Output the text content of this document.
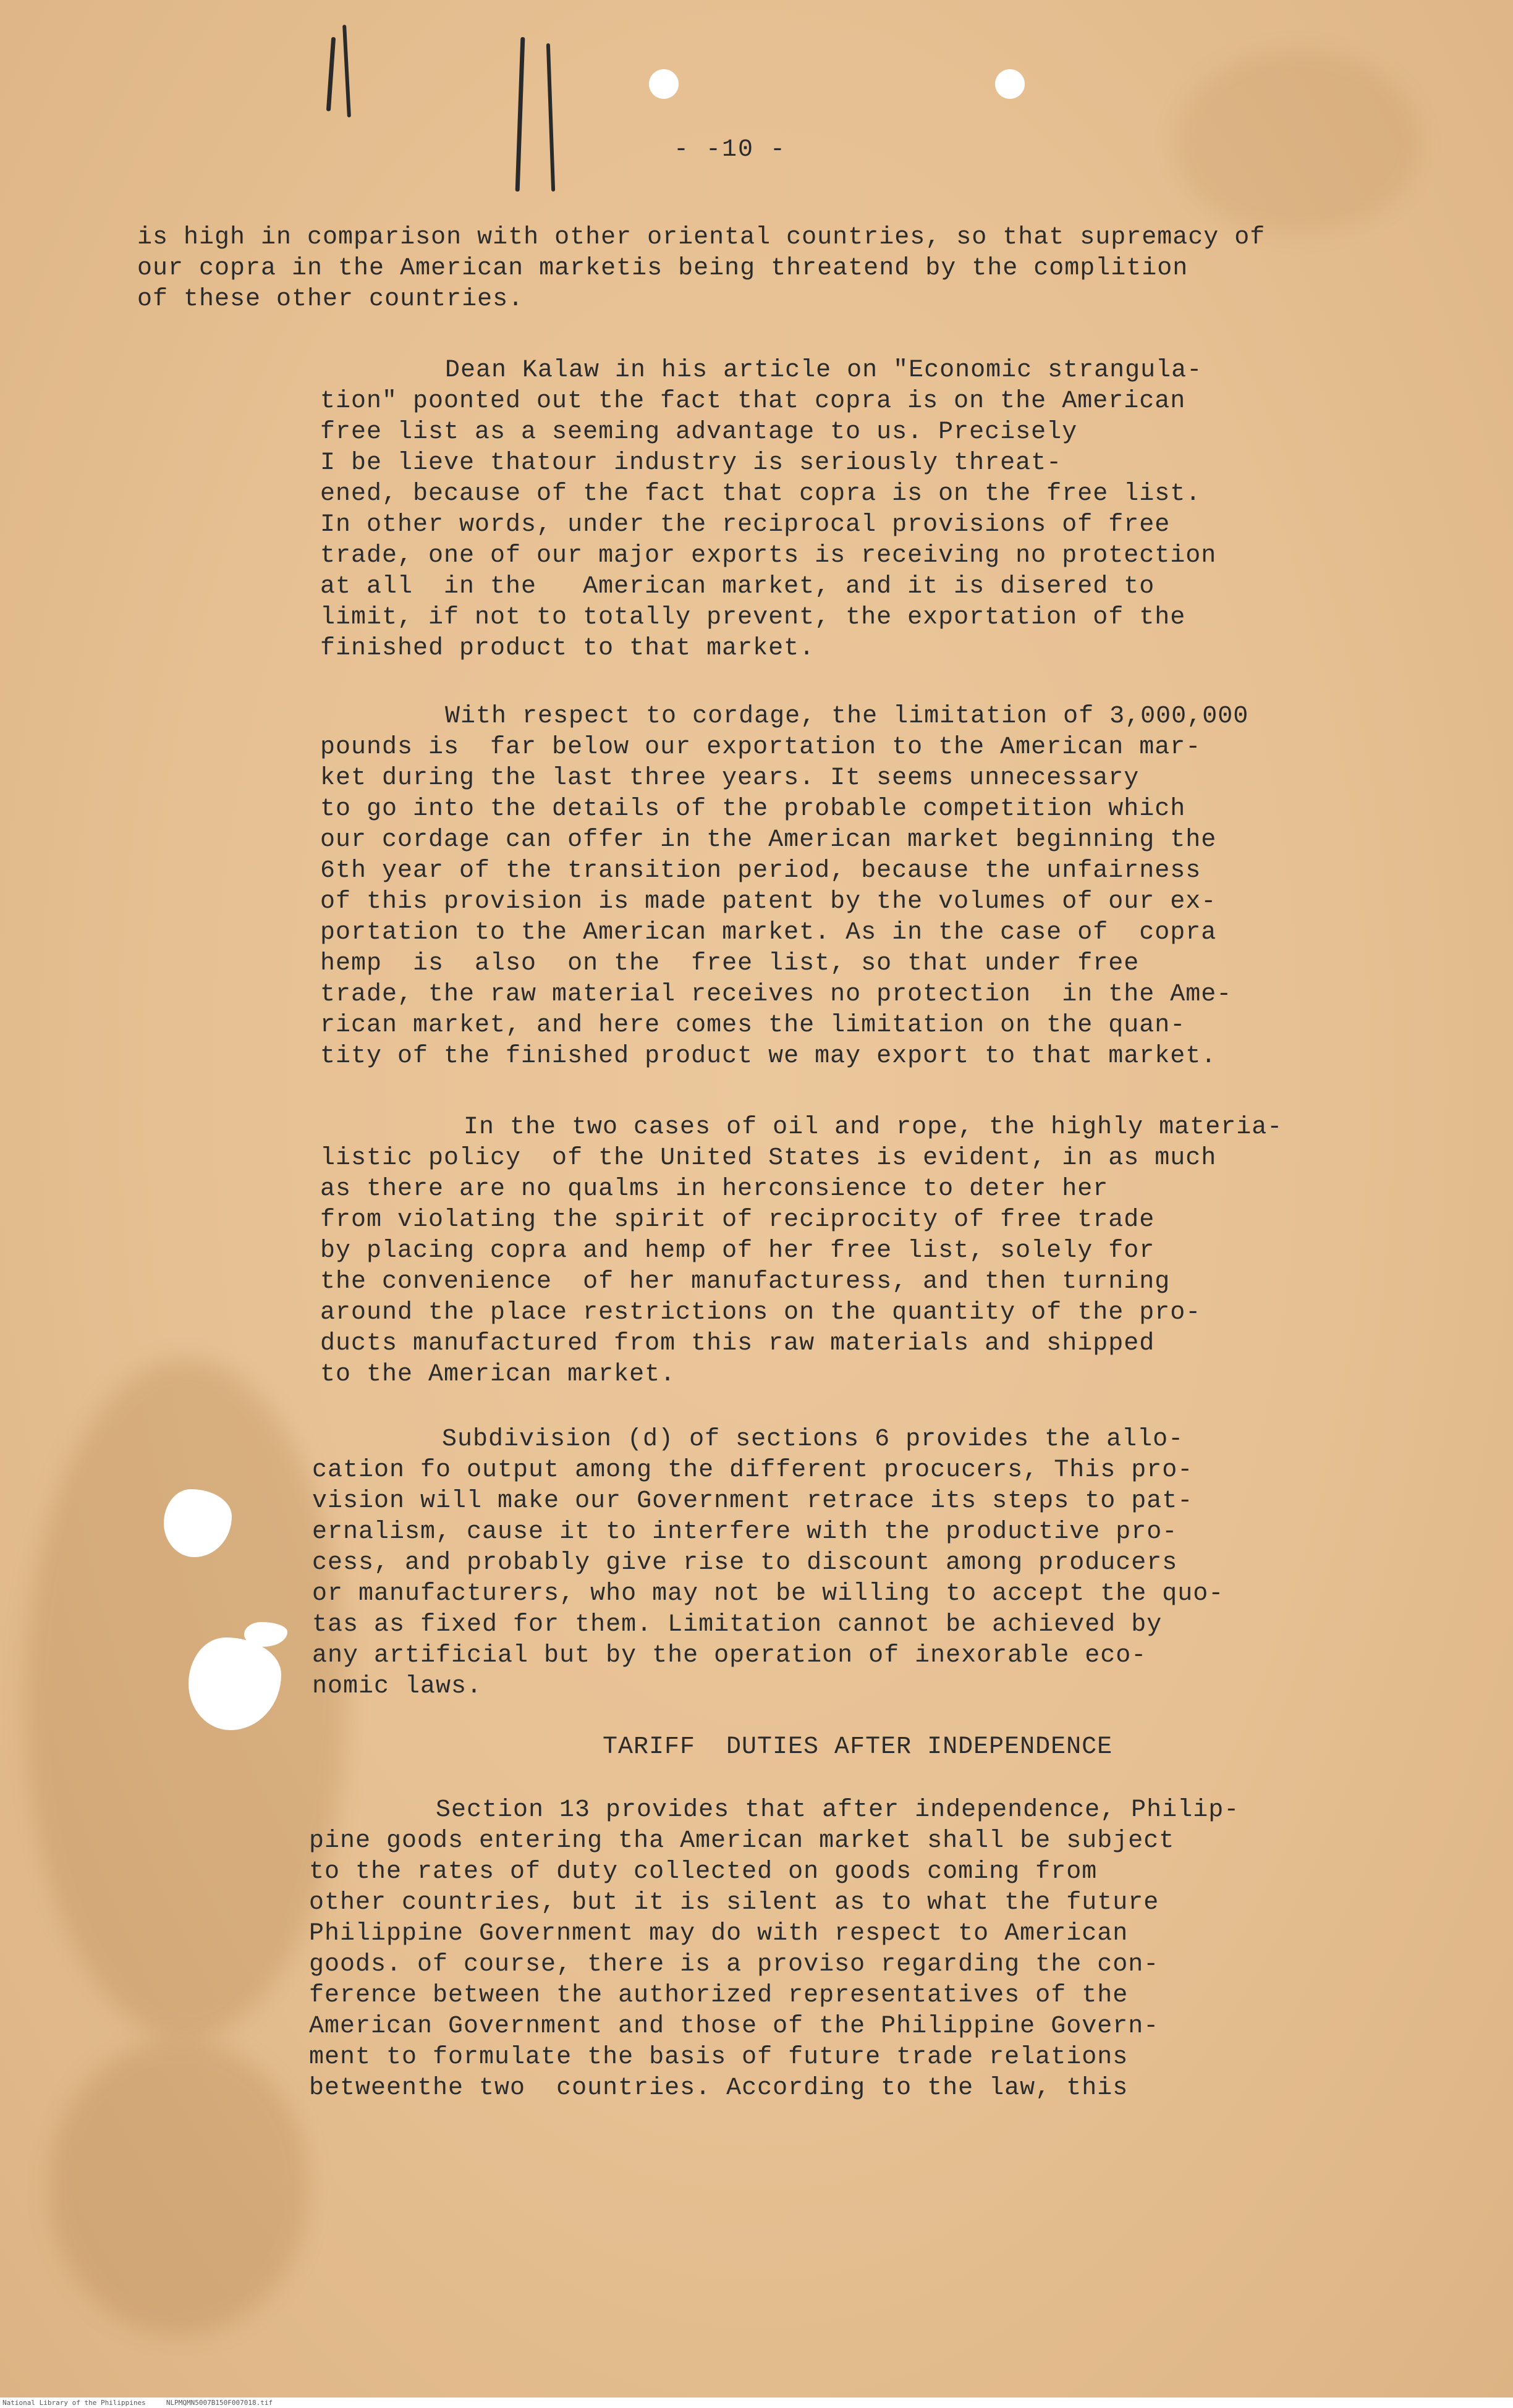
- -10 -
is high in comparison with other oriental countries, so that supremacy of
our copra in the American marketis being threatend by the complition
of these other countries.
Dean Kalaw in his article on "Economic strangula-
tion" poonted out the fact that copra is on the American
free list as a seeming advantage to us. Precisely
I be lieve thatour industry is seriously threat-
ened, because of the fact that copra is on the free list.
In other words, under the reciprocal provisions of free
trade, one of our major exports is receiving no protection
at all  in the   American market, and it is disered to
limit, if not to totally prevent, the exportation of the
finished product to that market.
With respect to cordage, the limitation of 3,000,000
pounds is  far below our exportation to the American mar-
ket during the last three years. It seems unnecessary
to go into the details of the probable competition which
our cordage can offer in the American market beginning the
6th year of the transition period, because the unfairness
of this provision is made patent by the volumes of our ex-
portation to the American market. As in the case of  copra
hemp  is  also  on the  free list, so that under free
trade, the raw material receives no protection  in the Ame-
rican market, and here comes the limitation on the quan-
tity of the finished product we may export to that market.
In the two cases of oil and rope, the highly materia-
listic policy  of the United States is evident, in as much
as there are no qualms in herconsience to deter her
from violating the spirit of reciprocity of free trade
by placing copra and hemp of her free list, solely for
the convenience  of her manufacturess, and then turning
around the place restrictions on the quantity of the pro-
ducts manufactured from this raw materials and shipped
to the American market.
Subdivision (d) of sections 6 provides the allo-
cation fo output among the different procucers, This pro-
vision will make our Government retrace its steps to pat-
ernalism, cause it to interfere with the productive pro-
cess, and probably give rise to discount among producers
or manufacturers, who may not be willing to accept the quo-
tas as fixed for them. Limitation cannot be achieved by
any artificial but by the operation of inexorable eco-
nomic laws.
TARIFF  DUTIES AFTER INDEPENDENCE
Section 13 provides that after independence, Philip-
pine goods entering tha American market shall be subject
to the rates of duty collected on goods coming from
other countries, but it is silent as to what the future
Philippine Government may do with respect to American
goods. of course, there is a proviso regarding the con-
ference between the authorized representatives of the
American Government and those of the Philippine Govern-
ment to formulate the basis of future trade relations
betweenthe two  countries. According to the law, this
National Library of the Philippines     NLPMQMN5007B150F007018.tif
